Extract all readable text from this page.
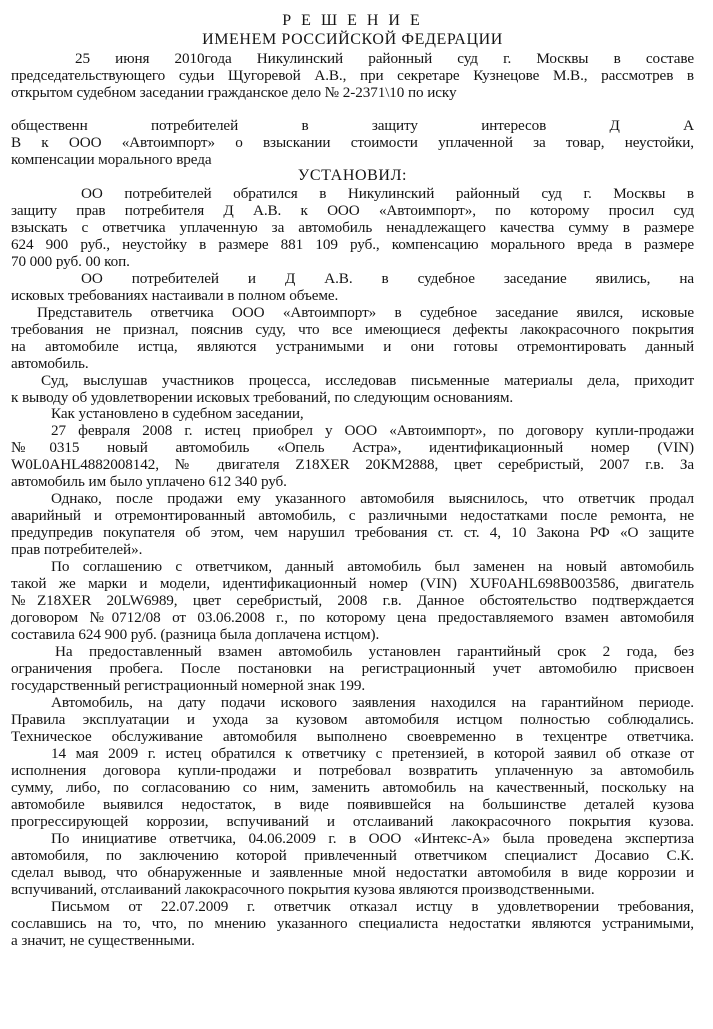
Р Е Ш Е Н И Е
ИМЕНЕМ РОССИЙСКОЙ ФЕДЕРАЦИИ
25 июня 2010года Никулинский районный суд г. Москвы в составе
председательствующего судьи Щугоревой А.В., при секретаре Кузнецове М.В., рассмотрев в
открытом судебном заседании гражданское дело № 2-2371\10 по иску
общественн потребителей в защиту интересов Д А
В к ООО «Автоимпорт» о взыскании стоимости уплаченной за товар, неустойки,
компенсации морального вреда
УСТАНОВИЛ:
ОО потребителей обратился в Никулинский районный суд г. Москвы в
защиту прав потребителя Д А.В. к ООО «Автоимпорт», по которому просил суд
взыскать с ответчика уплаченную за автомобиль ненадлежащего качества сумму в размере
624 900 руб., неустойку в размере 881 109 руб., компенсацию морального вреда в размере
70 000 руб. 00 коп.
ОО потребителей и Д А.В. в судебное заседание явились, на
исковых требованиях настаивали в полном объеме.
Представитель ответчика ООО «Автоимпорт» в судебное заседание явился, исковые
требования не признал, пояснив суду, что все имеющиеся дефекты лакокрасочного покрытия
на автомобиле истца, являются устранимыми и они готовы отремонтировать данный
автомобиль.
Суд, выслушав участников процесса, исследовав письменные материалы дела, приходит
к выводу об удовлетворении исковых требований, по следующим основаниям.
Как установлено в судебном заседании,
27 февраля 2008 г. истец приобрел у ООО «Автоимпорт», по договору купли-продажи
№0315 новый автомобиль «Опель Астра», идентификационный номер (VIN)
W0L0AHL4882008142, № двигателя Z18XER 20KM2888, цвет серебристый, 2007 г.в. За
автомобиль им было уплачено 612 340 руб.
Однако, после продажи ему указанного автомобиля выяснилось, что ответчик продал
аварийный и отремонтированный автомобиль, с различными недостатками после ремонта, не
предупредив покупателя об этом, чем нарушил требования ст. ст. 4, 10 Закона РФ «О защите
прав потребителей».
По соглашению с ответчиком, данный автомобиль был заменен на новый автомобиль
такой же марки и модели, идентификационный номер (VIN) XUF0AHL698B003586, двигатель
№Z18XER 20LW6989, цвет серебристый, 2008 г.в. Данное обстоятельство подтверждается
договором №0712/08 от 03.06.2008 г., по которому цена предоставляемого взамен автомобиля
составила 624 900 руб. (разница была доплачена истцом).
На предоставленный взамен автомобиль установлен гарантийный срок 2 года, без
ограничения пробега. После постановки на регистрационный учет автомобилю присвоен
государственный регистрационный номерной знак 199.
Автомобиль, на дату подачи искового заявления находился на гарантийном периоде.
Правила эксплуатации и ухода за кузовом автомобиля истцом полностью соблюдались.
Техническое обслуживание автомобиля выполнено своевременно в техцентре ответчика.
14 мая 2009 г. истец обратился к ответчику с претензией, в которой заявил об отказе от
исполнения договора купли-продажи и потребовал возвратить уплаченную за автомобиль
сумму, либо, по согласованию со ним, заменить автомобиль на качественный, поскольку на
автомобиле выявился недостаток, в виде появившейся на большинстве деталей кузова
прогрессирующей коррозии, вспучиваний и отслаиваний лакокрасочного покрытия кузова.
По инициативе ответчика, 04.06.2009 г. в ООО «Интекс-А» была проведена экспертиза
автомобиля, по заключению которой привлеченный ответчиком специалист Досавио С.К.
сделал вывод, что обнаруженные и заявленные мной недостатки автомобиля в виде коррозии и
вспучиваний, отслаиваний лакокрасочного покрытия кузова являются производственными.
Письмом от 22.07.2009 г. ответчик отказал истцу в удовлетворении требования,
сославшись на то, что, по мнению указанного специалиста недостатки являются устранимыми,
а значит, не существенными.
